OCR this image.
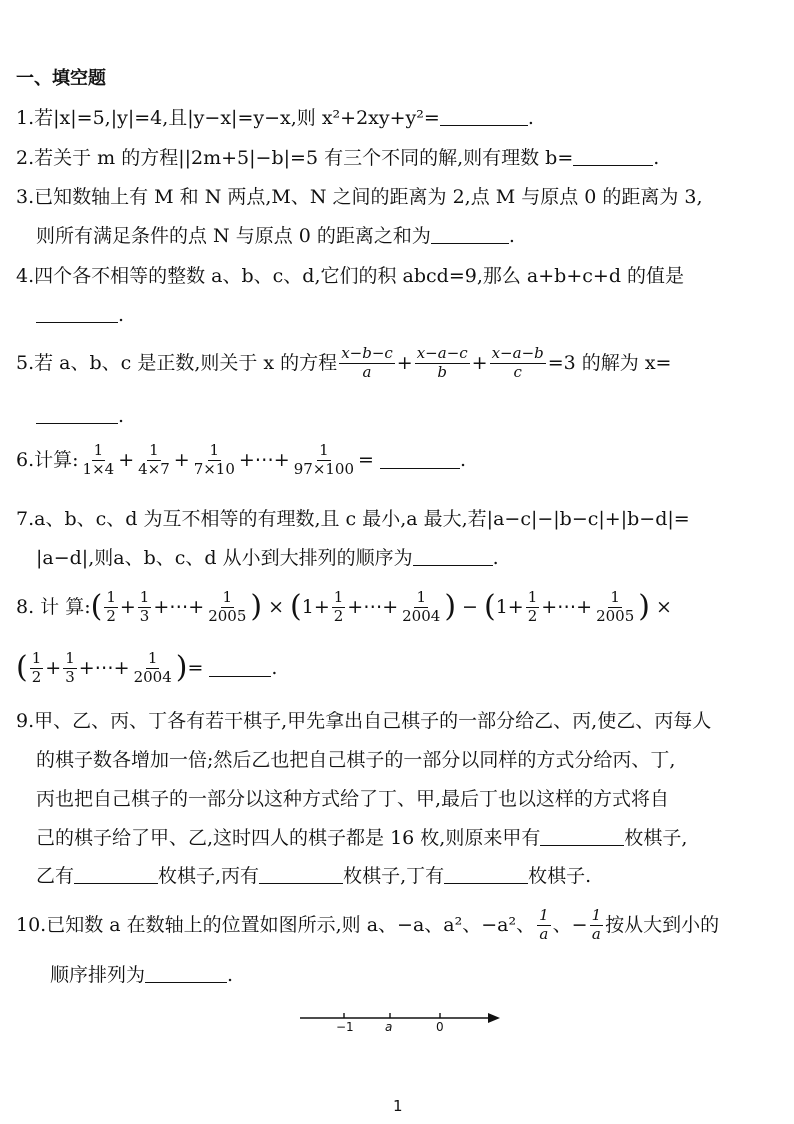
一、填空题
1.若|x|=5,|y|=4,且|y−x|=y−x,则 x²+2xy+y²=	.
2.若关于 m 的方程||2m+5|−b|=5 有三个不同的解,则有理数 b=	.
3.已知数轴上有 M 和 N 两点,M、N 之间的距离为 2,点 M 与原点 0 的距离为 3,
则所有满足条件的点 N 与原点 0 的距离之和为	.
4.四个各不相等的整数 a、b、c、d,它们的积 abcd=9,那么 a+b+c+d 的值是
.
5.若 a、b、c 是正数,则关于 x 的方程 $\frac{x-b-c}{a} + \frac{x-a-c}{b} + \frac{x-a-b}{c} =3$ 的解为 x=
.
6.计算: $\frac{1}{1\times 4} + \frac{1}{4\times 7} + \frac{1}{7\times 10}$ +⋯+ $\frac{1}{97\times 100}$ =	.
7.a、b、c、d 为互不相等的有理数,且 c 最小,a 最大,若|a−c|−|b−c|+|b−d|=
|a−d|,则a、b、c、d 从小到大排列的顺序为	.
8. 计 算: ( $\frac{1}{2} + \frac{1}{3}$ +⋯+ $\frac{1}{2005}$ ) × ( $1 + \frac{1}{2}$ +⋯+ $\frac{1}{2004}$ ) − ( $1 + \frac{1}{2}$ +⋯+ $\frac{1}{2005}$ ) ×
( $\frac{1}{2} + \frac{1}{3}$ +⋯+ $\frac{1}{2004}$ ) =	.
9.甲、乙、丙、丁各有若干棋子,甲先拿出自己棋子的一部分给乙、丙,使乙、丙每人
的棋子数各增加一倍;然后乙也把自己棋子的一部分以同样的方式分给丙、丁,
丙也把自己棋子的一部分以这种方式给了丁、甲,最后丁也以这样的方式将自
己的棋子给了甲、乙,这时四人的棋子都是 16 枚,则原来甲有	枚棋子,
乙有	枚棋子,丙有	枚棋子,丁有	枚棋子.
10.已知数 a 在数轴上的位置如图所示,则 a、−a、a²、−a²、 $\frac{1}{a}$ 、− $\frac{1}{a}$ 按从大到小的
顺序排列为	.
−1	a	0
1
